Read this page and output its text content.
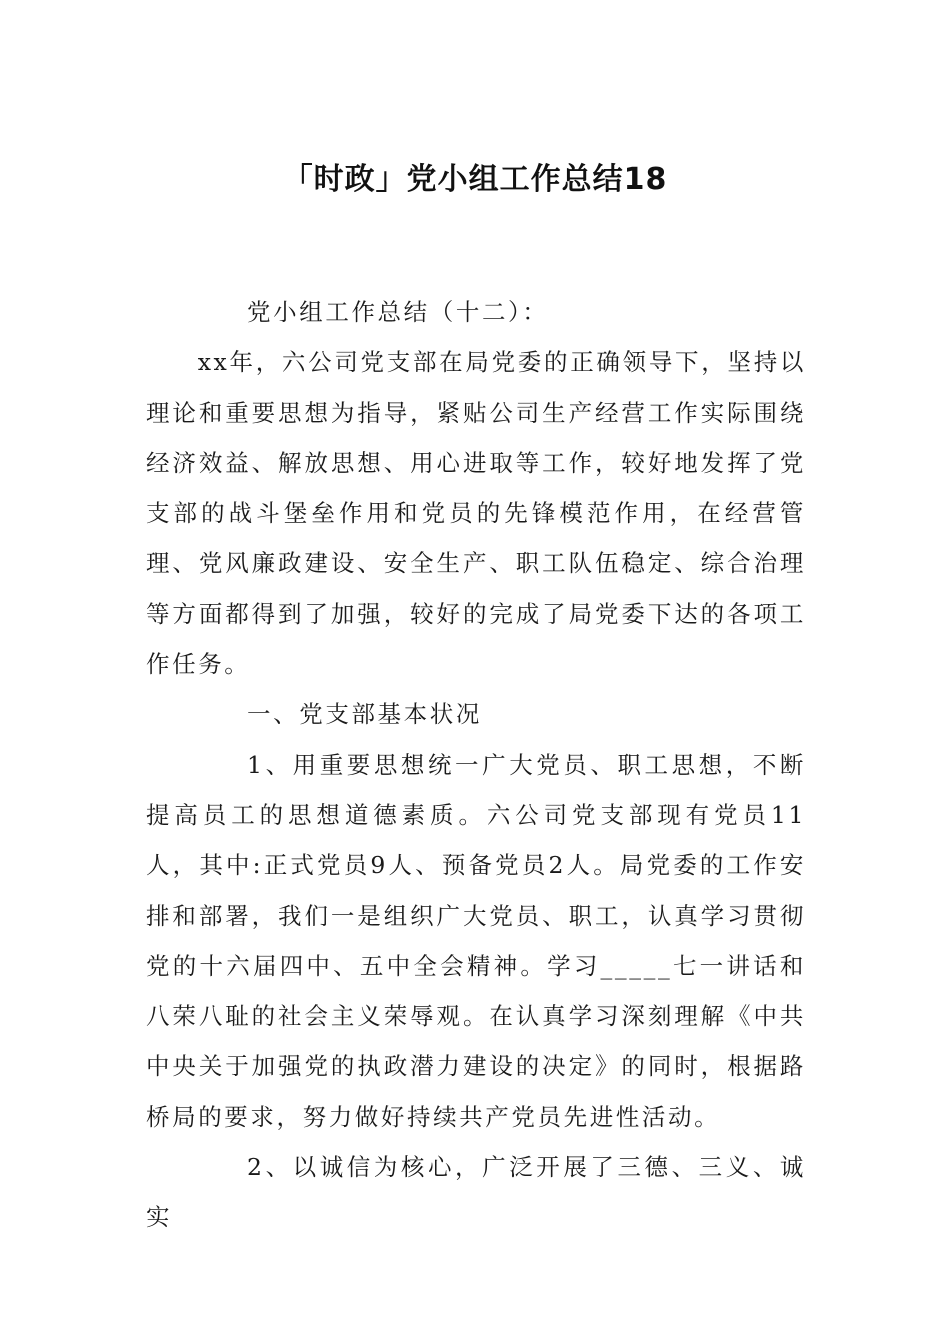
「时政」党小组工作总结18

党小组工作总结（十二）：

xx年，六公司党支部在局党委的正确领导下，坚持以理论和重要思想为指导，紧贴公司生产经营工作实际围绕经济效益、解放思想、用心进取等工作，较好地发挥了党支部的战斗堡垒作用和党员的先锋模范作用，在经营管理、党风廉政建设、安全生产、职工队伍稳定、综合治理等方面都得到了加强，较好的完成了局党委下达的各项工作任务。

一、党支部基本状况

1、用重要思想统一广大党员、职工思想，不断提高员工的思想道德素质。六公司党支部现有党员11人，其中:正式党员9人、预备党员2人。局党委的工作安排和部署，我们一是组织广大党员、职工，认真学习贯彻党的十六届四中、五中全会精神。学习_____七一讲话和八荣八耻的社会主义荣辱观。在认真学习深刻理解《中共中央关于加强党的执政潜力建设的决定》的同时，根据路桥局的要求，努力做好持续共产党员先进性活动。

2、以诚信为核心，广泛开展了三德、三义、诚实
